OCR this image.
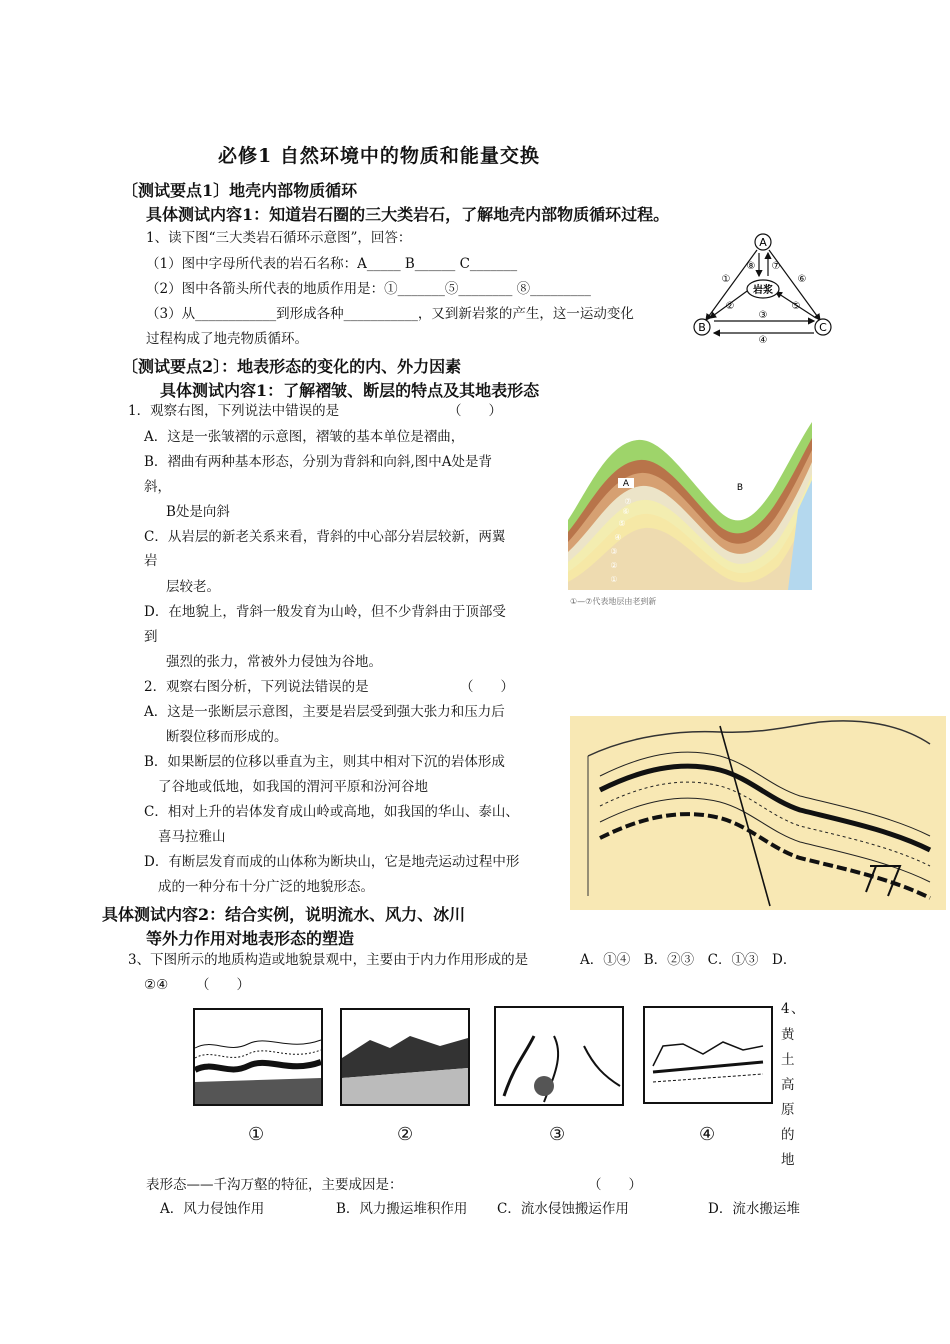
必修1 自然环境中的物质和能量交换
〔测试要点1〕地壳内部物质循环
具体测试内容1：知道岩石圈的三大类岩石，了解地壳内部物质循环过程。
1、读下图“三大类岩石循环示意图”，回答：
（1）图中字母所代表的岩石名称：A_____ B______ C_______
（2）图中各箭头所代表的地质作用是：①_______⑤________ ⑧_________
（3）从____________到形成各种___________，又到新岩浆的产生，这一运动变化
过程构成了地壳物质循环。
A
B	C
岩浆
①
②
③
④
⑤
⑥
⑦
⑧
〔测试要点2〕：地表形态的变化的内、外力因素
具体测试内容1：了解褶皱、断层的特点及其地表形态
1．观察右图，下列说法中错误的是	（　　）
A．这是一张皱褶的示意图，褶皱的基本单位是褶曲，
B．褶曲有两种基本形态，分别为背斜和向斜,图中A处是背
斜，
B处是向斜
C．从岩层的新老关系来看，背斜的中心部分岩层较新，两翼
岩
层较老。
D．在地貌上，背斜一般发育为山岭，但不少背斜由于顶部受
到
强烈的张力，常被外力侵蚀为谷地。
A	B
①
②
③
④
⑤
⑥
⑦
①—⑦代表地层由老到新
2．观察右图分析，下列说法错误的是	（　　）
A．这是一张断层示意图，主要是岩层受到强大张力和压力后
断裂位移而形成的。
B．如果断层的位移以垂直为主，则其中相对下沉的岩体形成
了谷地或低地，如我国的渭河平原和汾河谷地
C．相对上升的岩体发育成山岭或高地，如我国的华山、泰山、
喜马拉雅山
D．有断层发育而成的山体称为断块山，它是地壳运动过程中形
成的一种分布十分广泛的地貌形态。
具体测试内容2：结合实例，说明流水、风力、冰川
等外力作用对地表形态的塑造
3、下图所示的地质构造或地貌景观中，主要由于内力作用形成的是	A．①④　B．②③　C．①③　D．
②④ （　　）
①	②	③	④
4 、
黄
土
高
原
的
地
表形态——千沟万壑的特征，主要成因是：	（　　）
A．风力侵蚀作用	B．风力搬运堆积作用 C．流水侵蚀搬运作用	D．流水搬运堆
